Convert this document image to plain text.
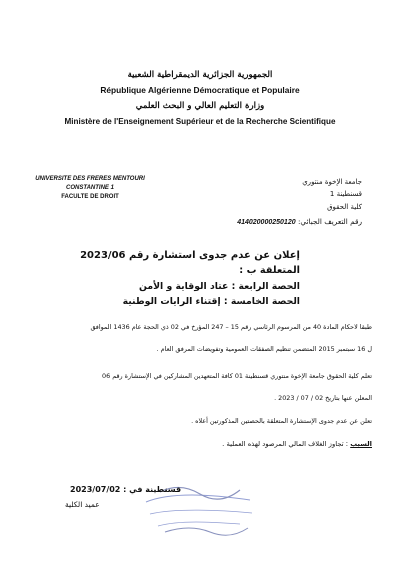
الجمهورية الجزائرية الديمقراطية الشعبية
République Algérienne Démocratique et Populaire
وزارة التعليم العالي و البحث العلمي
Ministère de l'Enseignement Supérieur et de la Recherche Scientifique
UNIVERSITE DES FRERES MENTOURI
CONSTANTINE 1
FACULTE DE DROIT
جامعة الإخوة منتوري
قسنطينة 1
كلية الحقوق
رقم التعريف الجبائي: 414020000250120
إعلان عن عدم جدوى استشارة رقم 2023/06
المتعلقة ب :
الحصة الرابعة : عتاد الوقاية و الأمن
الحصة الخامسة : إقتناء الرايات الوطنية
طبقا لاحكام المادة 40 من المرسوم الرئاسي رقم 15 – 247 المؤرخ في 02 ذي الحجة عام 1436 الموافق
ل 16 سبتمبر 2015 المتضمن تنظيم الصفقات العمومية وتفويضات المرفق العام .
تعلم كلية الحقوق جامعة الإخوة منتوري قسنطينة 01 كافة المتعهدين المشاركين في الإستشارة رقم 06
المعلن عنها بتاريخ 02 / 07 / 2023 .
تعلن عن عدم جدوى الإستشارة المتعلقة بالحصتين المذكورتين أعلاه .
السبب : تجاوز الغلاف المالي المرصود لهذه العملية .
قسنطينة في : 2023/07/02
عميد الكلية
